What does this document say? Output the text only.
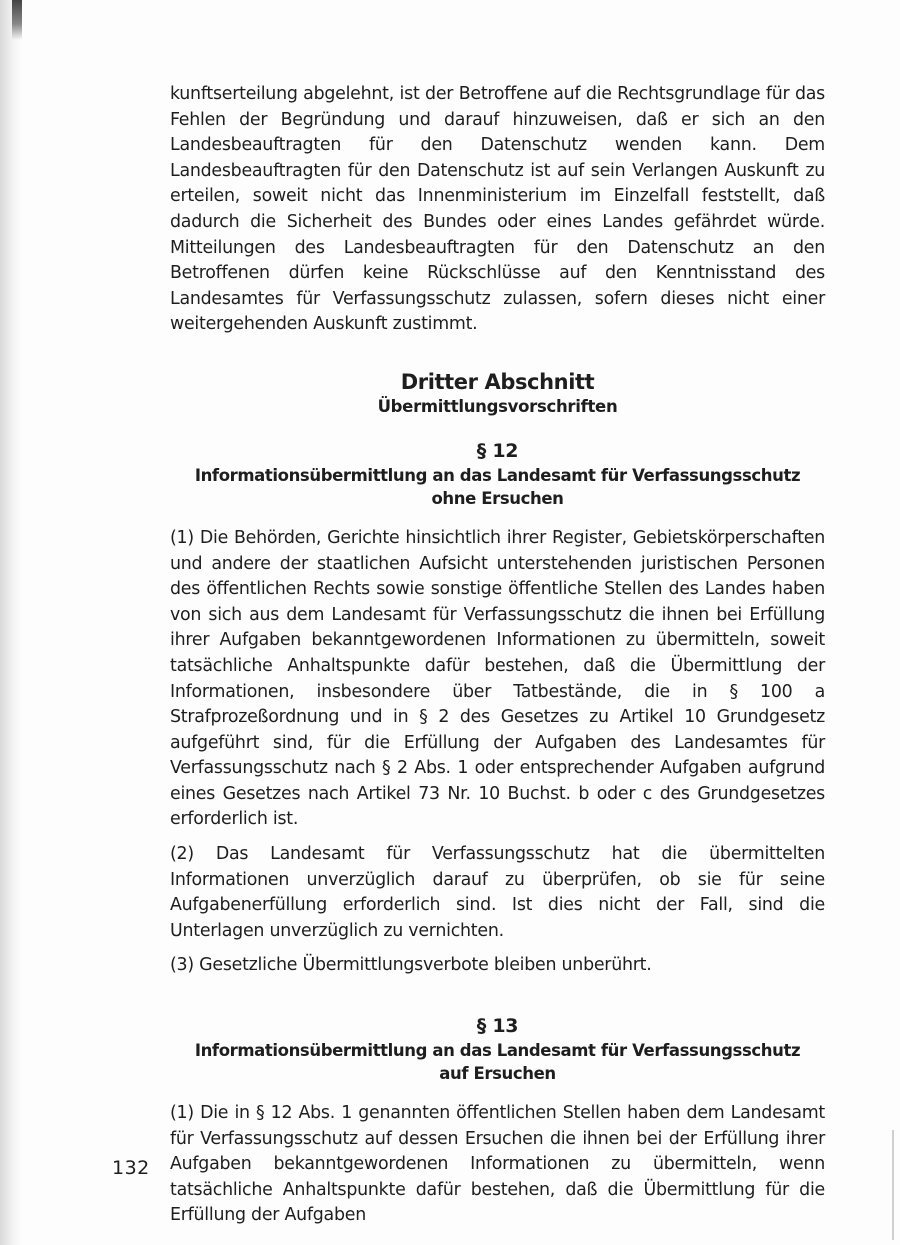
kunftserteilung abgelehnt, ist der Betroffene auf die Rechtsgrundlage für das Fehlen der Begründung und darauf hinzuweisen, daß er sich an den Landesbeauftragten für den Datenschutz wenden kann. Dem Landesbeauftragten für den Datenschutz ist auf sein Verlangen Auskunft zu erteilen, soweit nicht das Innenministerium im Einzelfall feststellt, daß dadurch die Sicherheit des Bundes oder eines Landes gefährdet würde. Mitteilungen des Landesbeauftragten für den Datenschutz an den Betroffenen dürfen keine Rückschlüsse auf den Kenntnisstand des Landesamtes für Verfassungsschutz zulassen, sofern dieses nicht einer weitergehenden Auskunft zustimmt.

Dritter Abschnitt
Übermittlungsvorschriften
§ 12
Informationsübermittlung an das Landesamt für Verfassungsschutz
ohne Ersuchen

(1) Die Behörden, Gerichte hinsichtlich ihrer Register, Gebietskörperschaften und andere der staatlichen Aufsicht unterstehenden juristischen Personen des öffentlichen Rechts sowie sonstige öffentliche Stellen des Landes haben von sich aus dem Landesamt für Verfassungsschutz die ihnen bei Erfüllung ihrer Aufgaben bekanntgewordenen Informationen zu übermitteln, soweit tatsächliche Anhaltspunkte dafür bestehen, daß die Übermittlung der Informationen, insbesondere über Tatbestände, die in § 100 a Strafprozeßordnung und in § 2 des Gesetzes zu Artikel 10 Grundgesetz aufgeführt sind, für die Erfüllung der Aufgaben des Landesamtes für Verfassungsschutz nach § 2 Abs. 1 oder entsprechender Aufgaben aufgrund eines Gesetzes nach Artikel 73 Nr. 10 Buchst. b oder c des Grundgesetzes erforderlich ist.

(2) Das Landesamt für Verfassungsschutz hat die übermittelten Informationen unverzüglich darauf zu überprüfen, ob sie für seine Aufgabenerfüllung erforderlich sind. Ist dies nicht der Fall, sind die Unterlagen unverzüglich zu vernichten.

(3) Gesetzliche Übermittlungsverbote bleiben unberührt.

§ 13
Informationsübermittlung an das Landesamt für Verfassungsschutz
auf Ersuchen

(1) Die in § 12 Abs. 1 genannten öffentlichen Stellen haben dem Landesamt für Verfassungsschutz auf dessen Ersuchen die ihnen bei der Erfüllung ihrer Aufgaben bekanntgewordenen Informationen zu übermitteln, wenn tatsächliche Anhaltspunkte dafür bestehen, daß die Übermittlung für die Erfüllung der Aufgaben

132
